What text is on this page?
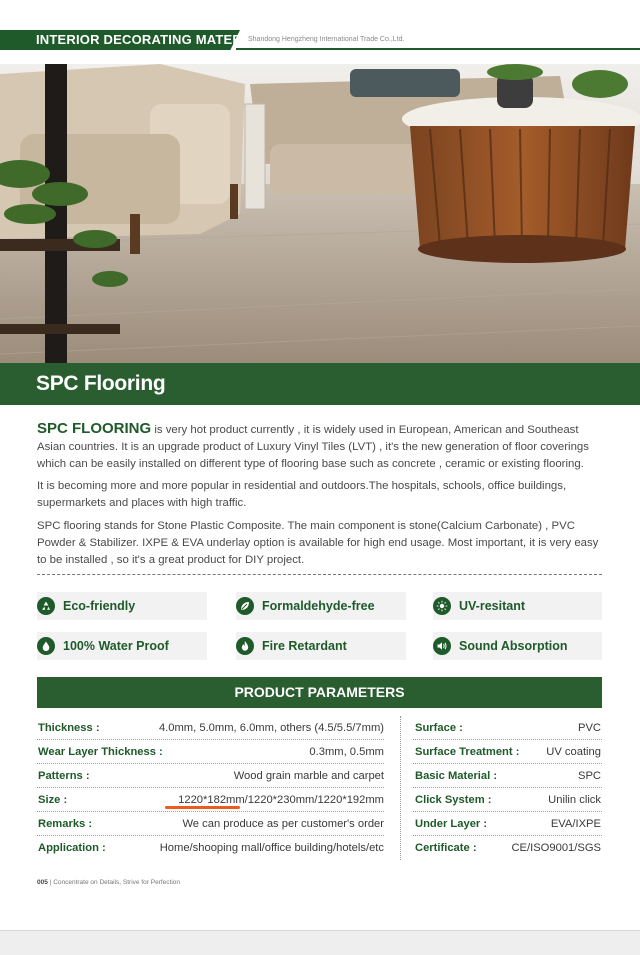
INTERIOR DECORATING MATERIALS
Shandong Hengzheng International Trade Co.,Ltd.
SPC Flooring
SPC FLOORING is very hot product currently , it is widely used in European, American and Southeast Asian countries. It is an upgrade product of Luxury Vinyl Tiles (LVT) , it's the new generation of floor coverings which can be easily installed on different type of flooring base such as concrete , ceramic or existing flooring.
It is becoming more and more popular in residential and outdoors.The hospitals, schools, office buildings, supermarkets and places with high traffic.
SPC flooring stands for Stone Plastic Composite. The main component is stone(Calcium Carbonate) , PVC Powder & Stabilizer. IXPE & EVA underlay option is available for high end usage. Most important, it is very easy to be installed , so it's a great product for DIY project.
Eco-friendly	Formaldehyde-free	UV-resitant
100% Water Proof	Fire Retardant	Sound Absorption
PRODUCT PARAMETERS
Thickness :	4.0mm, 5.0mm, 6.0mm, others (4.5/5.5/7mm)	Surface :	PVC
Wear Layer Thickness :	0.3mm, 0.5mm	Surface Treatment : UV coating
Patterns :	Wood grain marble and carpet	Basic Material :	SPC
Size :	1220*182mm/1220*230mm/1220*192mm	Click System :	Unilin click
Remarks :	We can produce as per customer's order	Under Layer :	EVA/IXPE
Application :	Home/shooping mall/office building/hotels/etc	Certificate :	CE/ISO9001/SGS
005 | Concentrate on Details, Strive for Perfection
